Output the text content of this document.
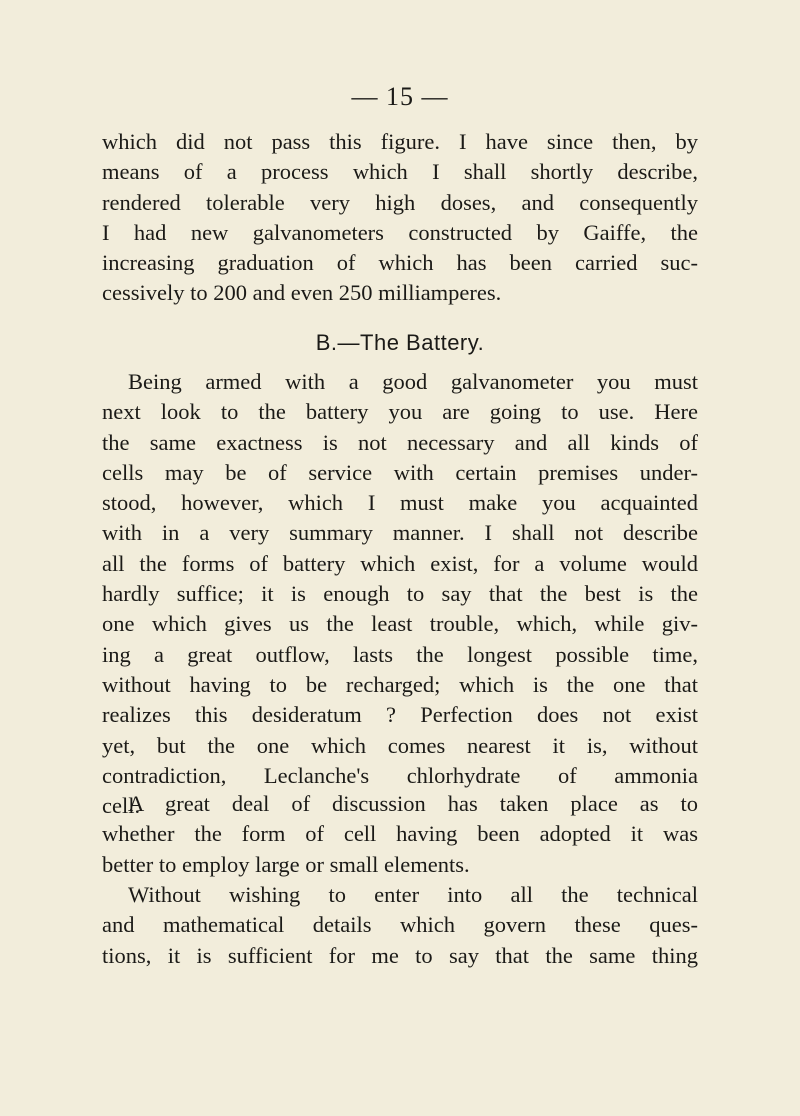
— 15 —

which did not pass this figure. I have since then, by
means of a process which I shall shortly describe,
rendered tolerable very high doses, and consequently
I had new galvanometers constructed by Gaiffe, the
increasing graduation of which has been carried suc-
cessively to 200 and even 250 milliamperes.

B.—The Battery.

Being armed with a good galvanometer you must
next look to the battery you are going to use. Here
the same exactness is not necessary and all kinds of
cells may be of service with certain premises under-
stood, however, which I must make you acquainted
with in a very summary manner. I shall not describe
all the forms of battery which exist, for a volume would
hardly suffice; it is enough to say that the best is the
one which gives us the least trouble, which, while giv-
ing a great outflow, lasts the longest possible time,
without having to be recharged; which is the one that
realizes this desideratum ? Perfection does not exist
yet, but the one which comes nearest it is, without
contradiction, Leclanche's chlorhydrate of ammonia
cell.

A great deal of discussion has taken place as to
whether the form of cell having been adopted it was
better to employ large or small elements.

Without wishing to enter into all the technical
and mathematical details which govern these ques-
tions, it is sufficient for me to say that the same thing
